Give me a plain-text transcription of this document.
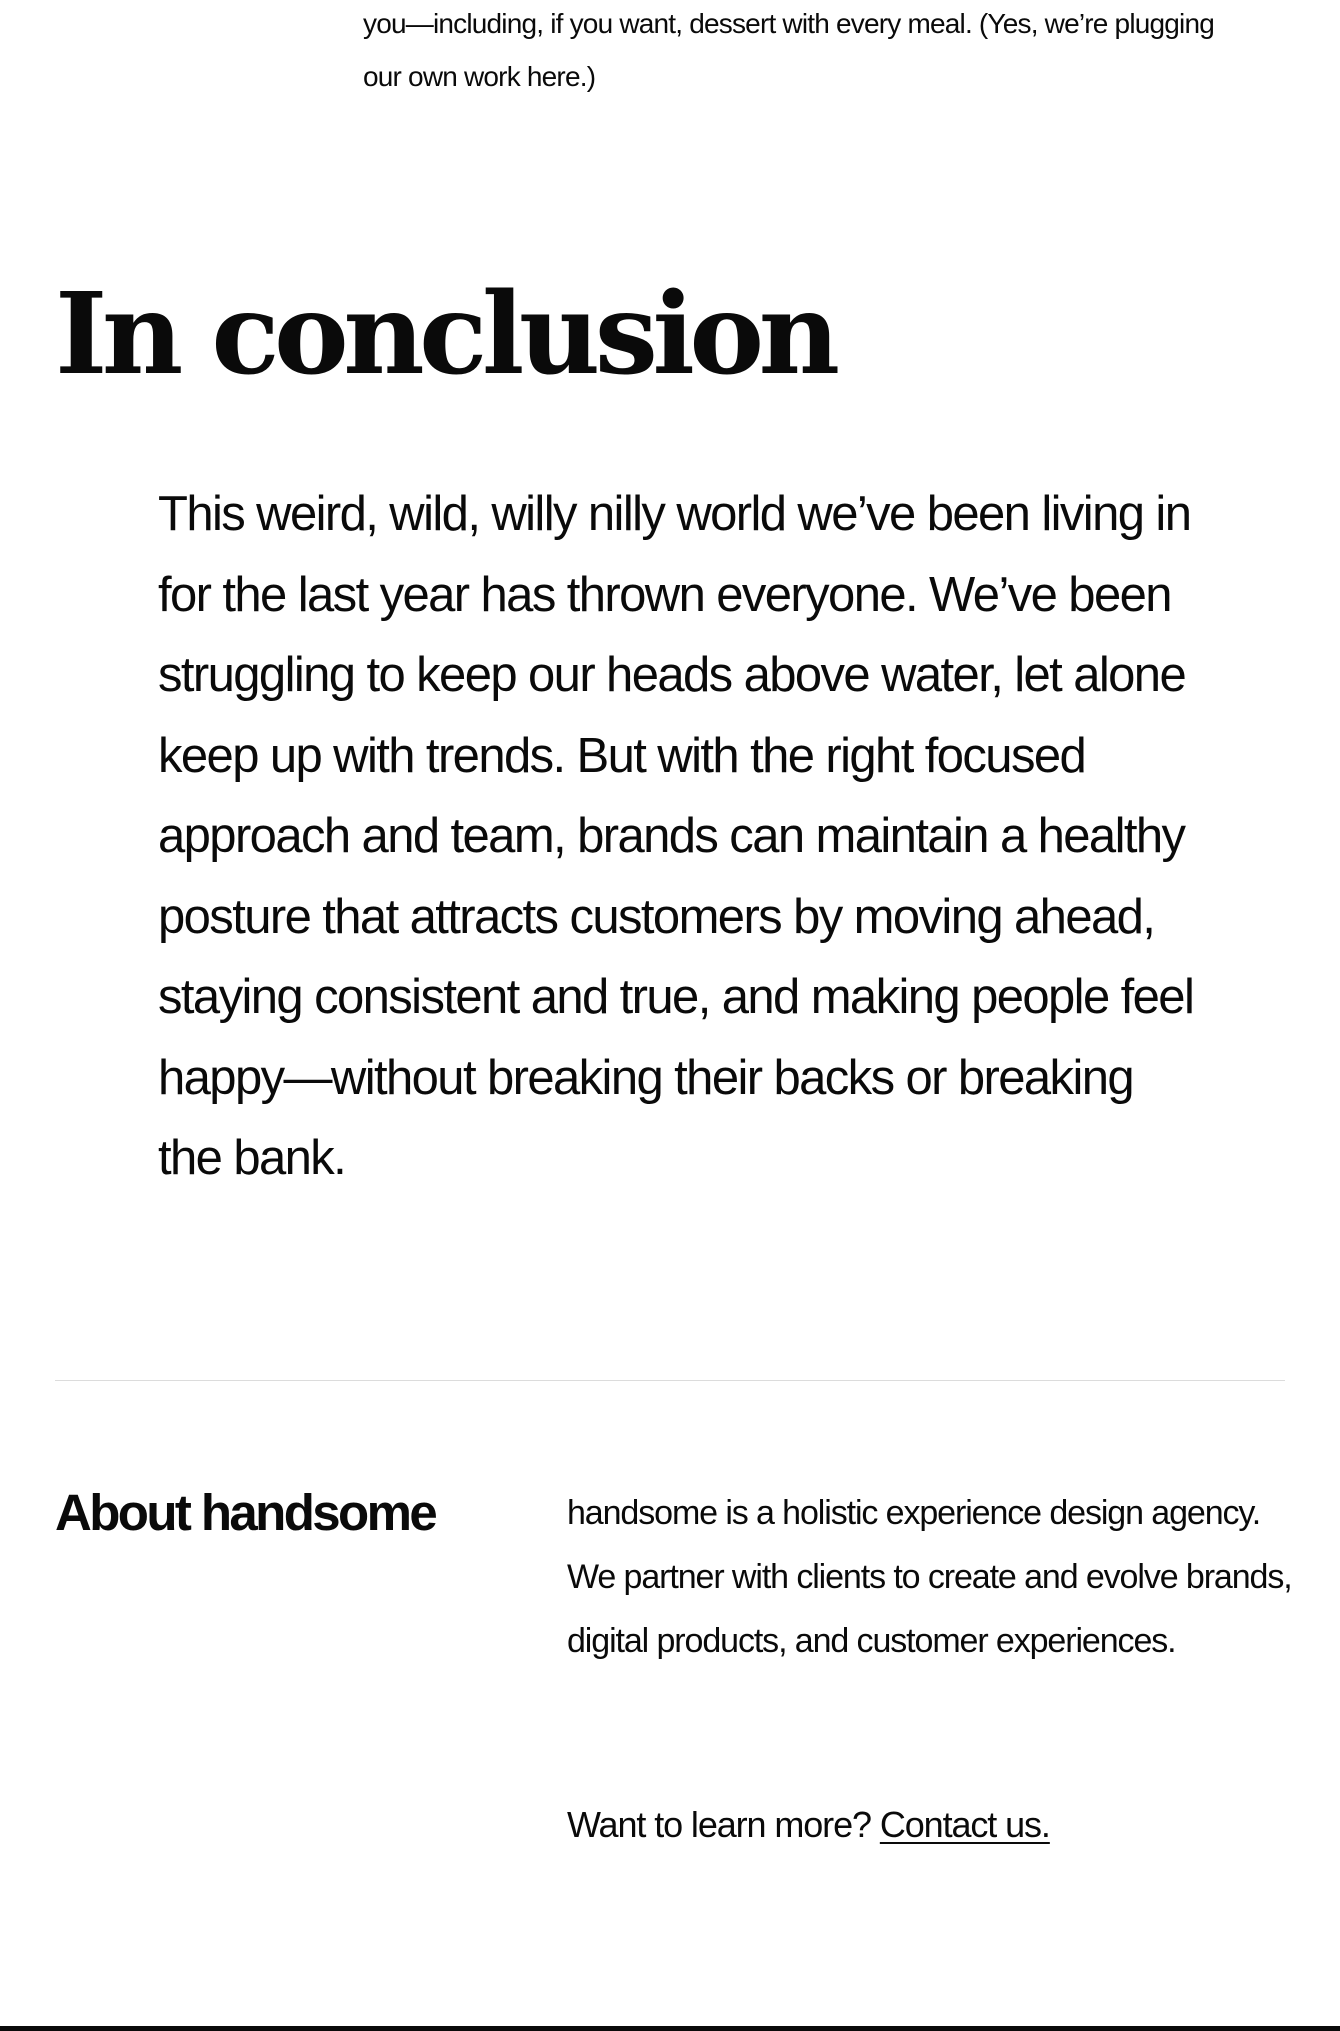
you—including, if you want, dessert with every meal. (Yes, we’re plugging our own work here.)

In conclusion

This weird, wild, willy nilly world we’ve been living in for the last year has thrown everyone. We’ve been struggling to keep our heads above water, let alone keep up with trends. But with the right focused approach and team, brands can maintain a healthy posture that attracts customers by moving ahead, staying consistent and true, and making people feel happy—without breaking their backs or breaking the bank.

About handsome	handsome is a holistic experience design agency. We partner with clients to create and evolve brands, digital products, and customer experiences.

Want to learn more? Contact us.
